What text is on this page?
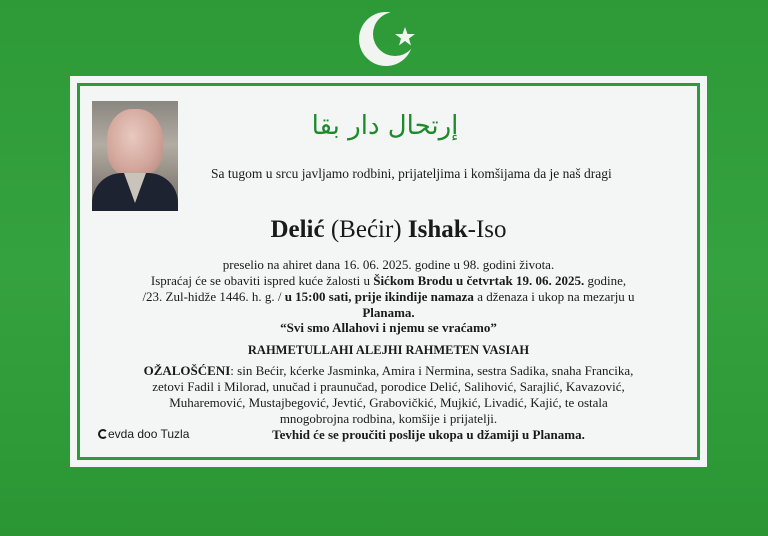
إرتحال دار بقا
Sa tugom u srcu javljamo rodbini, prijateljima i komšijama da je naš dragi
Delić (Bećir) Ishak-Iso
preselio na ahiret dana 16. 06. 2025. godine u 98. godini života.
Ispraćaj će se obaviti ispred kuće žalosti u Šićkom Brodu u četvrtak 19. 06. 2025. godine,
/23. Zul-hidže 1446. h. g. / u 15:00 sati, prije ikindije namaza a dženaza i ukop na mezarju u
Planama.
“Svi smo Allahovi i njemu se vraćamo”
RAHMETULLAHI ALEJHI RAHMETEN VASIAH
OŽALOŠĆENI: sin Bećir, kćerke Jasminka, Amira i Nermina, sestra Sadika, snaha Francika,
zetovi Fadil i Milorad, unučad i praunučad, porodice Delić, Salihović, Sarajlić, Kavazović,
Muharemović, Mustajbegović, Jevtić, Grabovičkić, Mujkić, Livadić, Kajić, te ostala
mnogobrojna rodbina, komšije i prijatelji.
evda doo Tuzla	Tevhid će se proučiti poslije ukopa u džamiji u Planama.
